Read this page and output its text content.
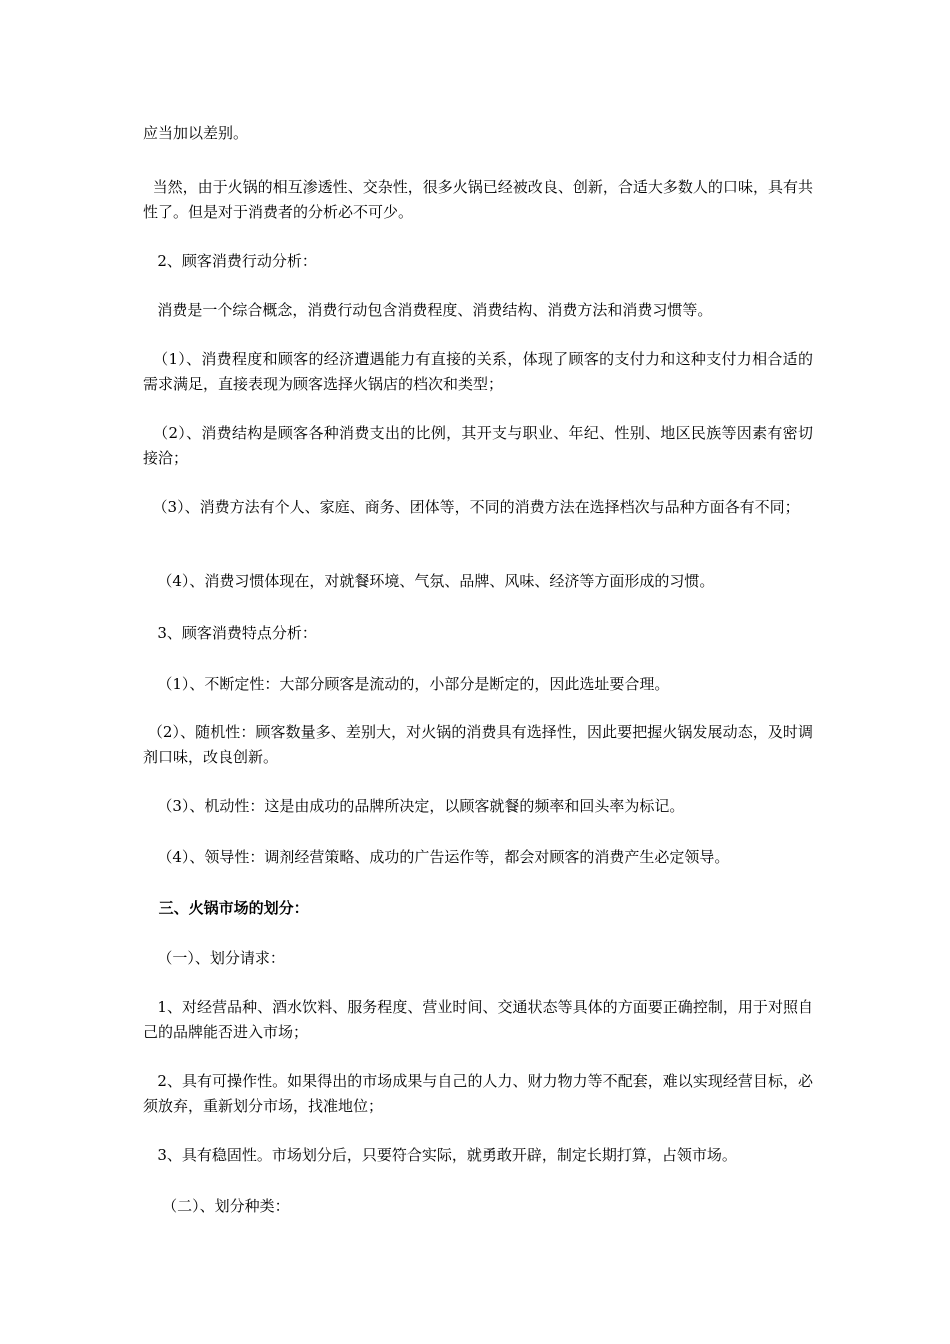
应当加以差别。

当然，由于火锅的相互渗透性、交杂性，很多火锅已经被改良、创新，合适大多数人的口味，具有共性了。但是对于消费者的分析必不可少。

2、顾客消费行动分析：

消费是一个综合概念，消费行动包含消费程度、消费结构、消费方法和消费习惯等。

（1）、消费程度和顾客的经济遭遇能力有直接的关系，体现了顾客的支付力和这种支付力相合适的需求满足，直接表现为顾客选择火锅店的档次和类型；

（2）、消费结构是顾客各种消费支出的比例，其开支与职业、年纪、性别、地区民族等因素有密切接洽；

（3）、消费方法有个人、家庭、商务、团体等，不同的消费方法在选择档次与品种方面各有不同；

（4）、消费习惯体现在，对就餐环境、气氛、品牌、风味、经济等方面形成的习惯。

3、顾客消费特点分析：

（1）、不断定性：大部分顾客是流动的，小部分是断定的，因此选址要合理。

（2）、随机性：顾客数量多、差别大，对火锅的消费具有选择性，因此要把握火锅发展动态，及时调剂口味，改良创新。

（3）、机动性：这是由成功的品牌所决定，以顾客就餐的频率和回头率为标记。

（4）、领导性：调剂经营策略、成功的广告运作等，都会对顾客的消费产生必定领导。

三、火锅市场的划分：

（一）、划分请求：

1、对经营品种、酒水饮料、服务程度、营业时间、交通状态等具体的方面要正确控制，用于对照自己的品牌能否进入市场；

2、具有可操作性。如果得出的市场成果与自己的人力、财力物力等不配套，难以实现经营目标，必须放弃，重新划分市场，找准地位；

3、具有稳固性。市场划分后，只要符合实际，就勇敢开辟，制定长期打算，占领市场。

（二）、划分种类：
